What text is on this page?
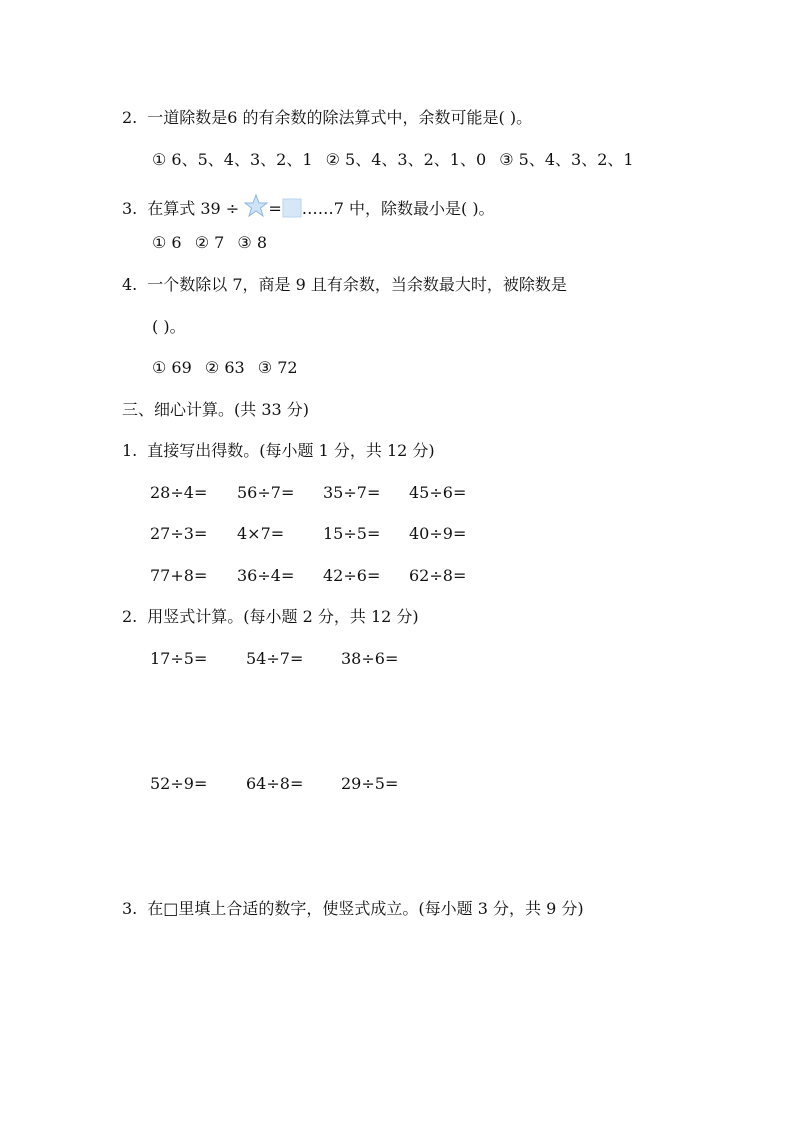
2. 一道除数是6 的有余数的除法算式中，余数可能是( )。
① 6、5、4、3、2、1 ② 5、4、3、2、1、0 ③ 5、4、3、2、1
3. 在算式 39 ÷ = ……7 中，除数最小是( )。
① 6 ② 7 ③ 8
4. 一个数除以 7，商是 9 且有余数，当余数最大时，被除数是
( )。
① 69 ② 63 ③ 72
三、细心计算。(共 33 分)
1. 直接写出得数。(每小题 1 分，共 12 分)
28÷4= 56÷7= 35÷7= 45÷6=
27÷3= 4×7= 15÷5= 40÷9=
77+8= 36÷4= 42÷6= 62÷8=
2. 用竖式计算。(每小题 2 分，共 12 分)
17÷5= 54÷7= 38÷6=
52÷9= 64÷8= 29÷5=
3. 在□里填上合适的数字，使竖式成立。(每小题 3 分，共 9 分)
